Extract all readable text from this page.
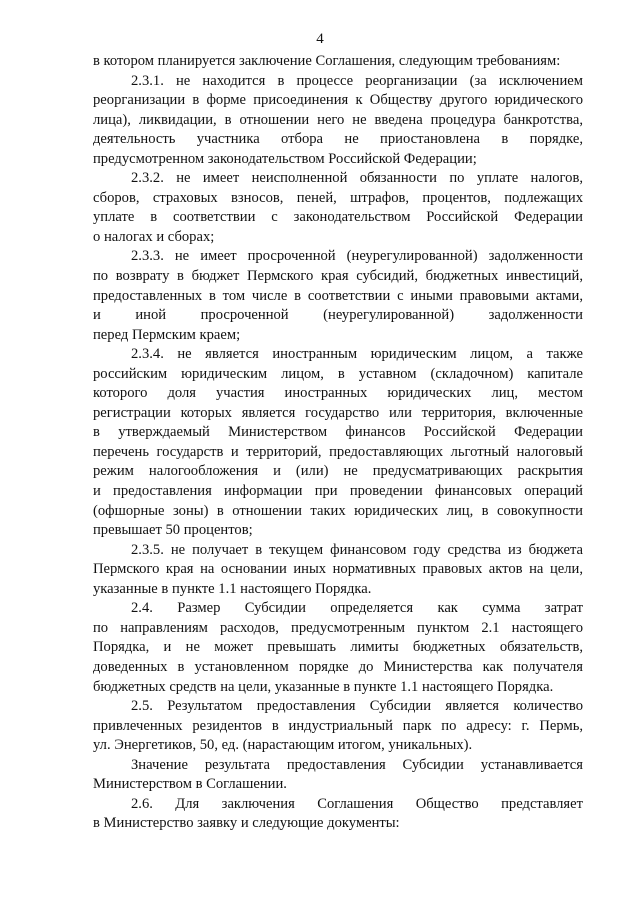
4
в котором планируется заключение Соглашения, следующим требованиям:
2.3.1. не находится в процессе реорганизации (за исключением
реорганизации в форме присоединения к Обществу другого юридического
лица), ликвидации, в отношении него не введена процедура банкротства,
деятельность участника отбора не приостановлена в порядке,
предусмотренном законодательством Российской Федерации;
2.3.2. не имеет неисполненной обязанности по уплате налогов,
сборов, страховых взносов, пеней, штрафов, процентов, подлежащих
уплате в соответствии с законодательством Российской Федерации
о налогах и сборах;
2.3.3. не имеет просроченной (неурегулированной) задолженности
по возврату в бюджет Пермского края субсидий, бюджетных инвестиций,
предоставленных в том числе в соответствии с иными правовыми актами,
и иной просроченной (неурегулированной) задолженности
перед Пермским краем;
2.3.4. не является иностранным юридическим лицом, а также
российским юридическим лицом, в уставном (складочном) капитале
которого доля участия иностранных юридических лиц, местом
регистрации которых является государство или территория, включенные
в утверждаемый Министерством финансов Российской Федерации
перечень государств и территорий, предоставляющих льготный налоговый
режим налогообложения и (или) не предусматривающих раскрытия
и предоставления информации при проведении финансовых операций
(офшорные зоны) в отношении таких юридических лиц, в совокупности
превышает 50 процентов;
2.3.5. не получает в текущем финансовом году средства из бюджета
Пермского края на основании иных нормативных правовых актов на цели,
указанные в пункте 1.1 настоящего Порядка.
2.4. Размер Субсидии определяется как сумма затрат
по направлениям расходов, предусмотренным пунктом 2.1 настоящего
Порядка, и не может превышать лимиты бюджетных обязательств,
доведенных в установленном порядке до Министерства как получателя
бюджетных средств на цели, указанные в пункте 1.1 настоящего Порядка.
2.5. Результатом предоставления Субсидии является количество
привлеченных резидентов в индустриальный парк по адресу: г. Пермь,
ул. Энергетиков, 50, ед. (нарастающим итогом, уникальных).
Значение результата предоставления Субсидии устанавливается
Министерством в Соглашении.
2.6. Для заключения Соглашения Общество представляет
в Министерство заявку и следующие документы:
